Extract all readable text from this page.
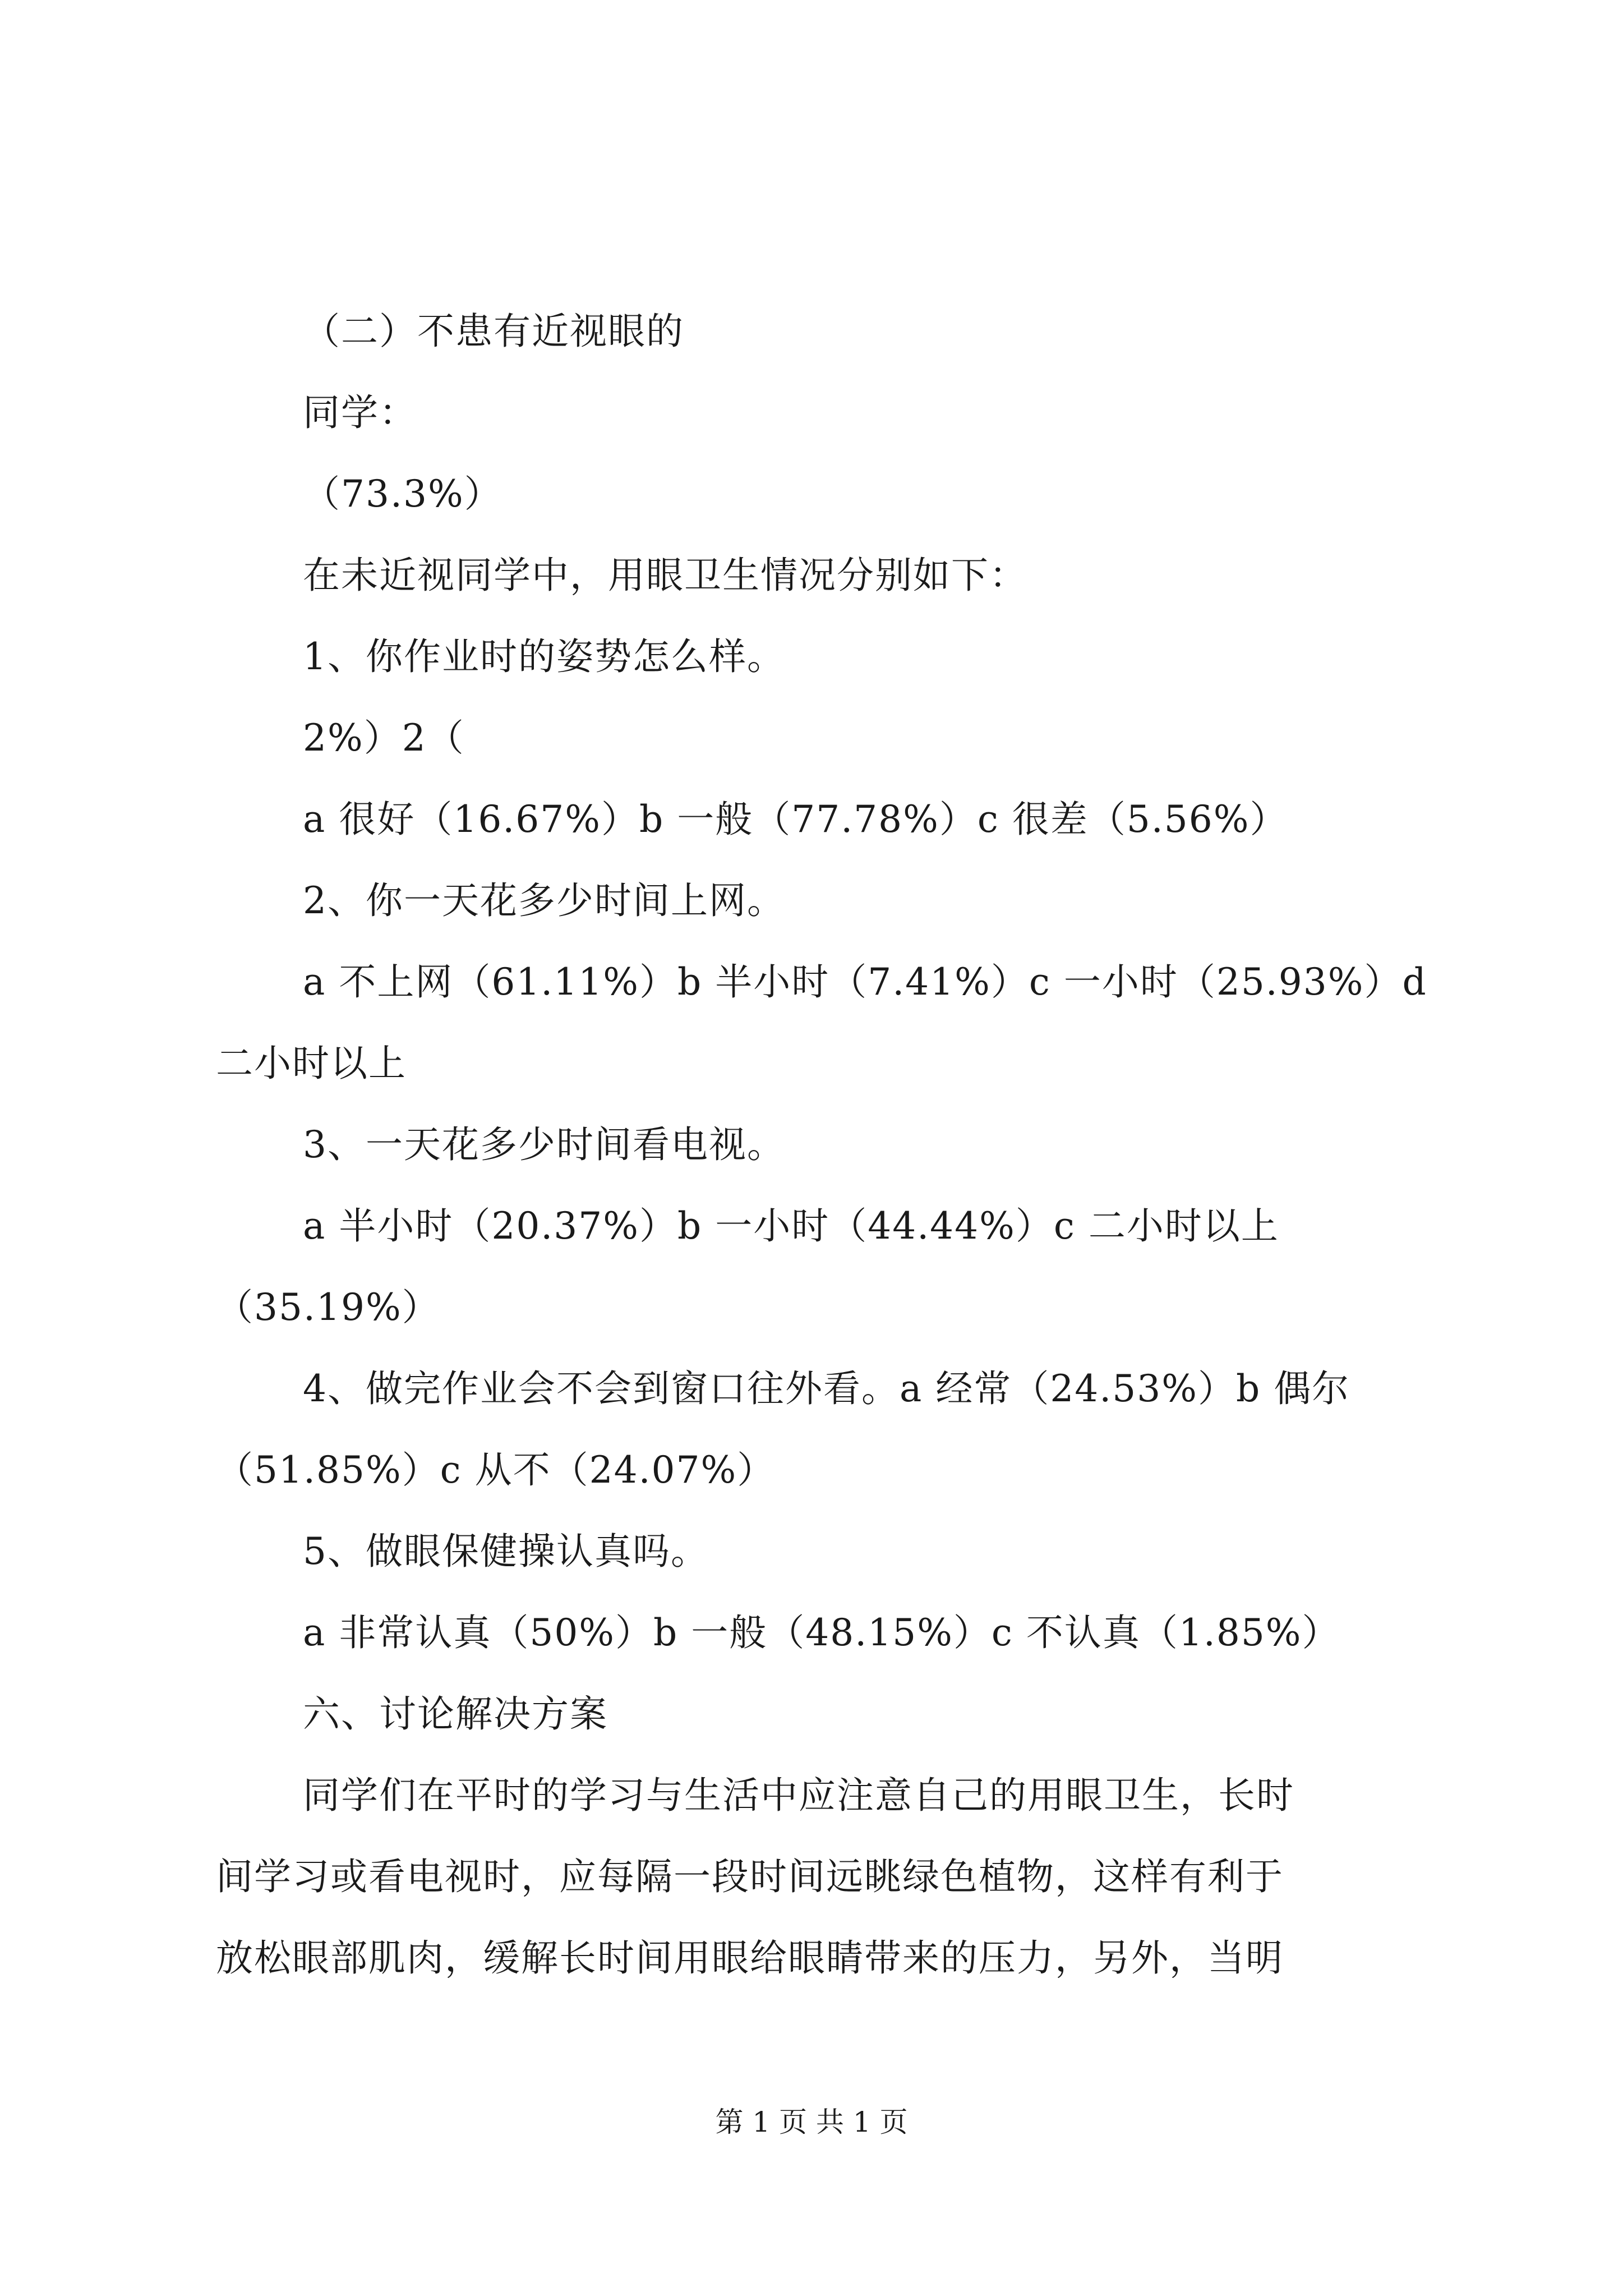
（二）不患有近视眼的

同学：

（73.3%）

在未近视同学中，用眼卫生情况分别如下：

1、你作业时的姿势怎么样。

2%）2（

a 很好（16.67%）b 一般（77.78%）c 很差（5.56%）

2、你一天花多少时间上网。

a 不上网（61.11%）b 半小时（7.41%）c 一小时（25.93%）d

二小时以上

3、一天花多少时间看电视。

a 半小时（20.37%）b 一小时（44.44%）c 二小时以上

（35.19%）

4、做完作业会不会到窗口往外看。a 经常（24.53%）b 偶尔

（51.85%）c 从不（24.07%）

5、做眼保健操认真吗。

a 非常认真（50%）b 一般（48.15%）c 不认真（1.85%）

六、讨论解决方案

同学们在平时的学习与生活中应注意自己的用眼卫生，长时

间学习或看电视时，应每隔一段时间远眺绿色植物，这样有利于

放松眼部肌肉，缓解长时间用眼给眼睛带来的压力，另外，当明

第 1 页 共 1 页
